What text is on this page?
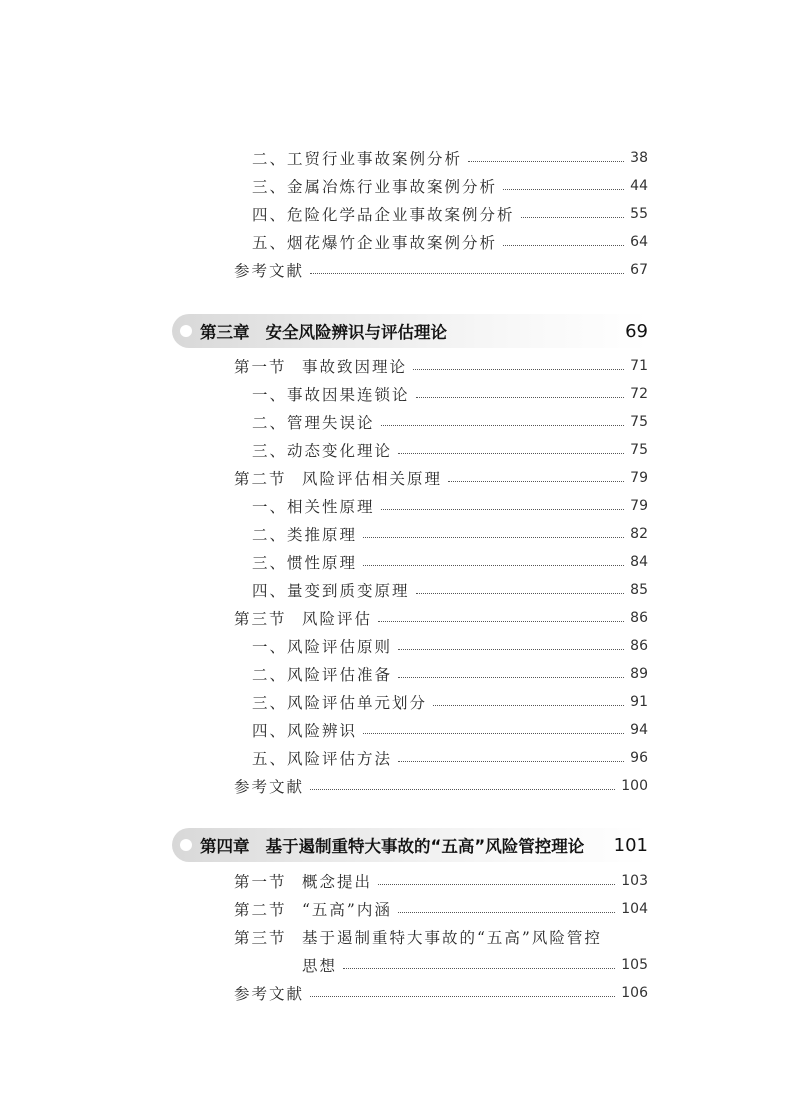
二、工贸行业事故案例分析	38
三、金属冶炼行业事故案例分析	44
四、危险化学品企业事故案例分析	55
五、烟花爆竹企业事故案例分析	64
参考文献	67
第三章 安全风险辨识与评估理论	69
第一节 事故致因理论	71
一、事故因果连锁论	72
二、管理失误论	75
三、动态变化理论	75
第二节 风险评估相关原理	79
一、相关性原理	79
二、类推原理	82
三、惯性原理	84
四、量变到质变原理	85
第三节 风险评估	86
一、风险评估原则	86
二、风险评估准备	89
三、风险评估单元划分	91
四、风险辨识	94
五、风险评估方法	96
参考文献	100
第四章 基于遏制重特大事故的“五高”风险管控理论	101
第一节 概念提出	103
第二节 “五高”内涵	104
第三节 基于遏制重特大事故的“五高”风险管控
思想	105
参考文献	106
